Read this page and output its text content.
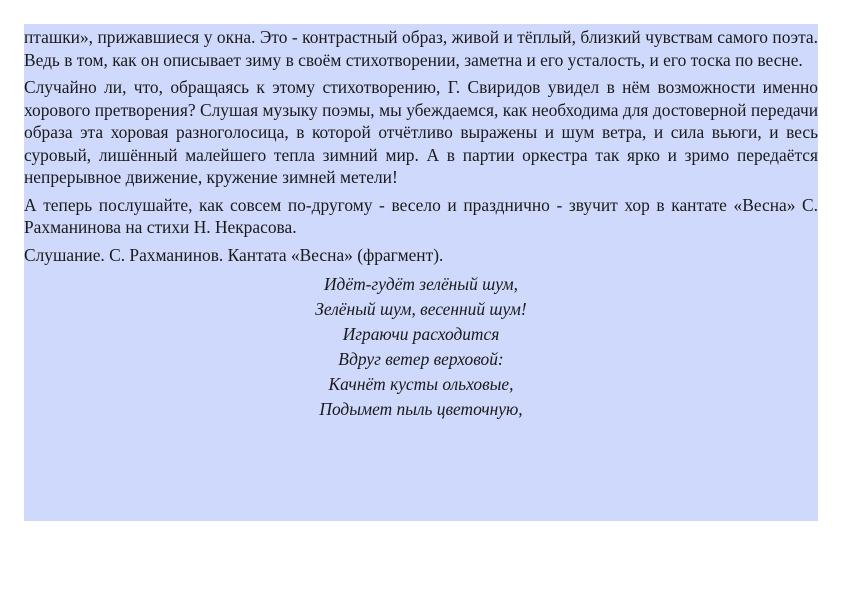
пташки», прижавшиеся у окна. Это - контрастный образ, живой и тёплый, близкий чувствам самого поэта. Ведь в том, как он описывает зиму в своём стихотворении, заметна и его усталость, и его тоска по весне.

Случайно ли, что, обращаясь к этому стихотворению, Г. Свиридов увидел в нём возможности именно хорового претворения? Слушая музыку поэмы, мы убеждаемся, как необходима для достоверной передачи образа эта хоровая разноголосица, в которой отчётливо выражены и шум ветра, и сила вьюги, и весь суровый, лишённый малейшего тепла зимний мир. А в партии оркестра так ярко и зримо передаётся непрерывное движение, кружение зимней метели!

А теперь послушайте, как совсем по-другому - весело и празднично - звучит хор в кантате «Весна» С. Рахманинова на стихи Н. Некрасова.

Слушание. С. Рахманинов. Кантата «Весна» (фрагмент).

Идёт-гудёт зелёный шум,
Зелёный шум, весенний шум!
Играючи расходится
Вдруг ветер верховой:
Качнёт кусты ольховые,
Подымет пыль цветочную,
